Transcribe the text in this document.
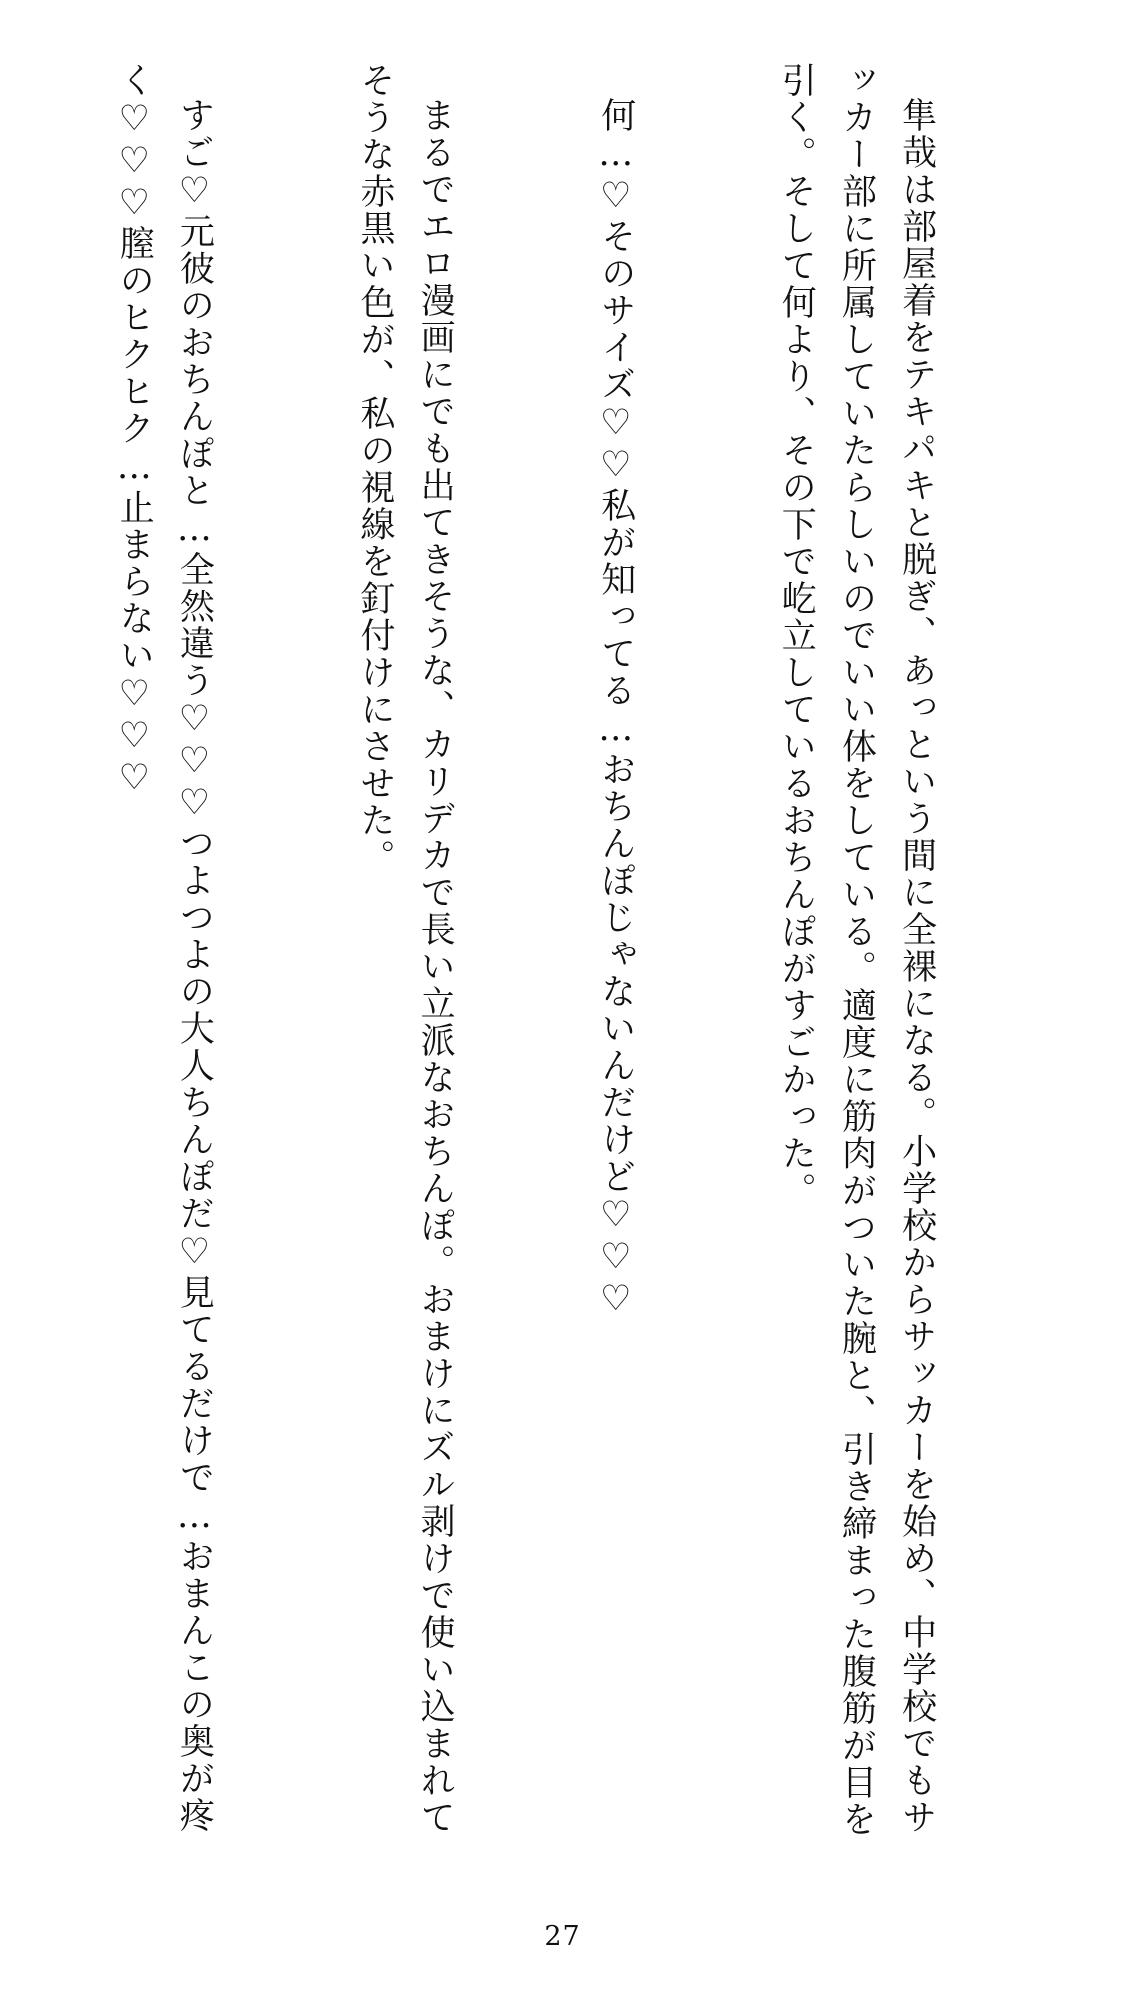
隼哉は部屋着をテキパキと脱ぎ、あっという間に全裸になる。小学校からサッカーを始め、中学校でもサッカー部に所属していたらしいのでいい体をしている。適度に筋肉がついた腕と、引き締まった腹筋が目を引く。そして何より、その下で屹立しているおちんぽがすごかった。

何…♡そのサイズ♡♡私が知ってる…おちんぽじゃないんだけど♡♡♡

まるでエロ漫画にでも出てきそうな、カリデカで長い立派なおちんぽ。おまけにズル剥けで使い込まれてそうな赤黒い色が、私の視線を釘付けにさせた。

すご♡元彼のおちんぽと…全然違う♡♡♡つよつよの大人ちんぽだ♡見てるだけで…おまんこの奥が疼く♡♡♡膣のヒクヒク…止まらない♡♡♡

27
